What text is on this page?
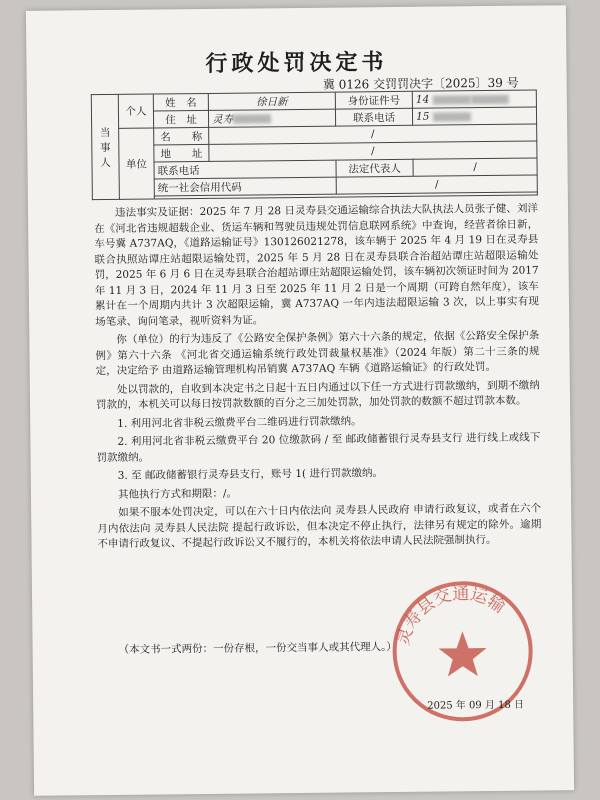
行政处罚决定书
冀 0126 交罚罚决字〔2025〕39 号
当事人	个人	姓　名	徐日新	身份证件号	14
		住　址	灵寿	联系电话	15
	单位	名　　称	/		
		地　　址	/		
		联系电话		法定代表人	/
		统一社会信用代码		/	

违法事实及证据：2025 年 7 月 28 日灵寿县交通运输综合执法大队执法人员张子健、刘洋在《河北省违规超载企业、货运车辆和驾驶员违规处罚信息联网系统》中查询，经营者徐日新，车号冀 A737AQ，《道路运输证号》130126021278，该车辆于 2025 年 4 月 19 日在灵寿县联合执照站谭庄站超限运输处罚，2025 年 5 月 28 日在灵寿县联合治超站谭庄站超限运输处罚，2025 年 6 月 6 日在灵寿县联合治超站谭庄站超限运输处罚，该车辆初次领证时间为 2017 年 11 月 3 日，2024 年 11 月 3 日至 2025 年 11 月 2 日是一个周期（可跨自然年度），该车累计在一个周期内共计 3 次超限运输，冀 A737AQ 一年内违法超限运输 3 次，以上事实有现场笔录、询问笔录，视听资料为证。

你（单位）的行为违反了《公路安全保护条例》第六十六条的规定，依据《公路安全保护条例》第六十六条 《河北省交通运输系统行政处罚裁量权基准》（2024 年版）第二十三条的规定，决定给予 由道路运输管理机构吊销冀 A737AQ 车辆《道路运输证》的行政处罚。

处以罚款的，自收到本决定书之日起十五日内通过以下任一方式进行罚款缴纳，到期不缴纳罚款的，本机关可以每日按罚款数额的百分之三加处罚款，加处罚款的数额不超过罚款本数。

1. 利用河北省非税云缴费平台二维码进行罚款缴纳。

2. 利用河北省非税云缴费平台 20 位缴款码 / 至 邮政储蓄银行灵寿县支行 进行线上或线下罚款缴纳。

3. 至 邮政储蓄银行灵寿县支行，账号 1( 进行罚款缴纳。

其他执行方式和期限：/。

如果不服本处罚决定，可以在六十日内依法向 灵寿县人民政府 申请行政复议，或者在六个月内依法向 灵寿县人民法院 提起行政诉讼，但本决定不停止执行，法律另有规定的除外。逾期不申请行政复议、不提起行政诉讼又不履行的，本机关将依法申请人民法院强制执行。

灵寿县交通运输
2025 年 09 月 18 日
（本文书一式两份：一份存根，一份交当事人或其代理人。）
